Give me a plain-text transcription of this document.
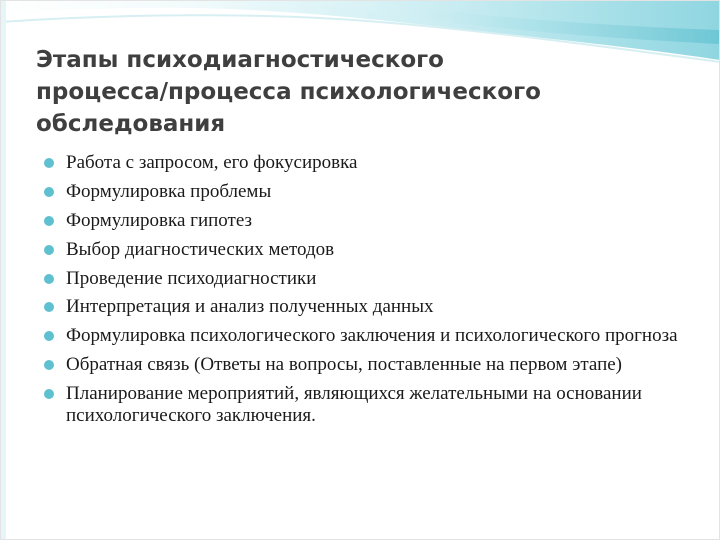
Этапы психодиагностического
процесса/процесса психологического
обследования
Работа с запросом, его фокусировка
Формулировка проблемы
Формулировка гипотез
Выбор диагностических методов
Проведение психодиагностики
Интерпретация и анализ полученных данных
Формулировка психологического заключения и психологического прогноза
Обратная связь (Ответы на вопросы, поставленные на первом этапе)
Планирование мероприятий, являющихся желательными на основании психологического заключения.
